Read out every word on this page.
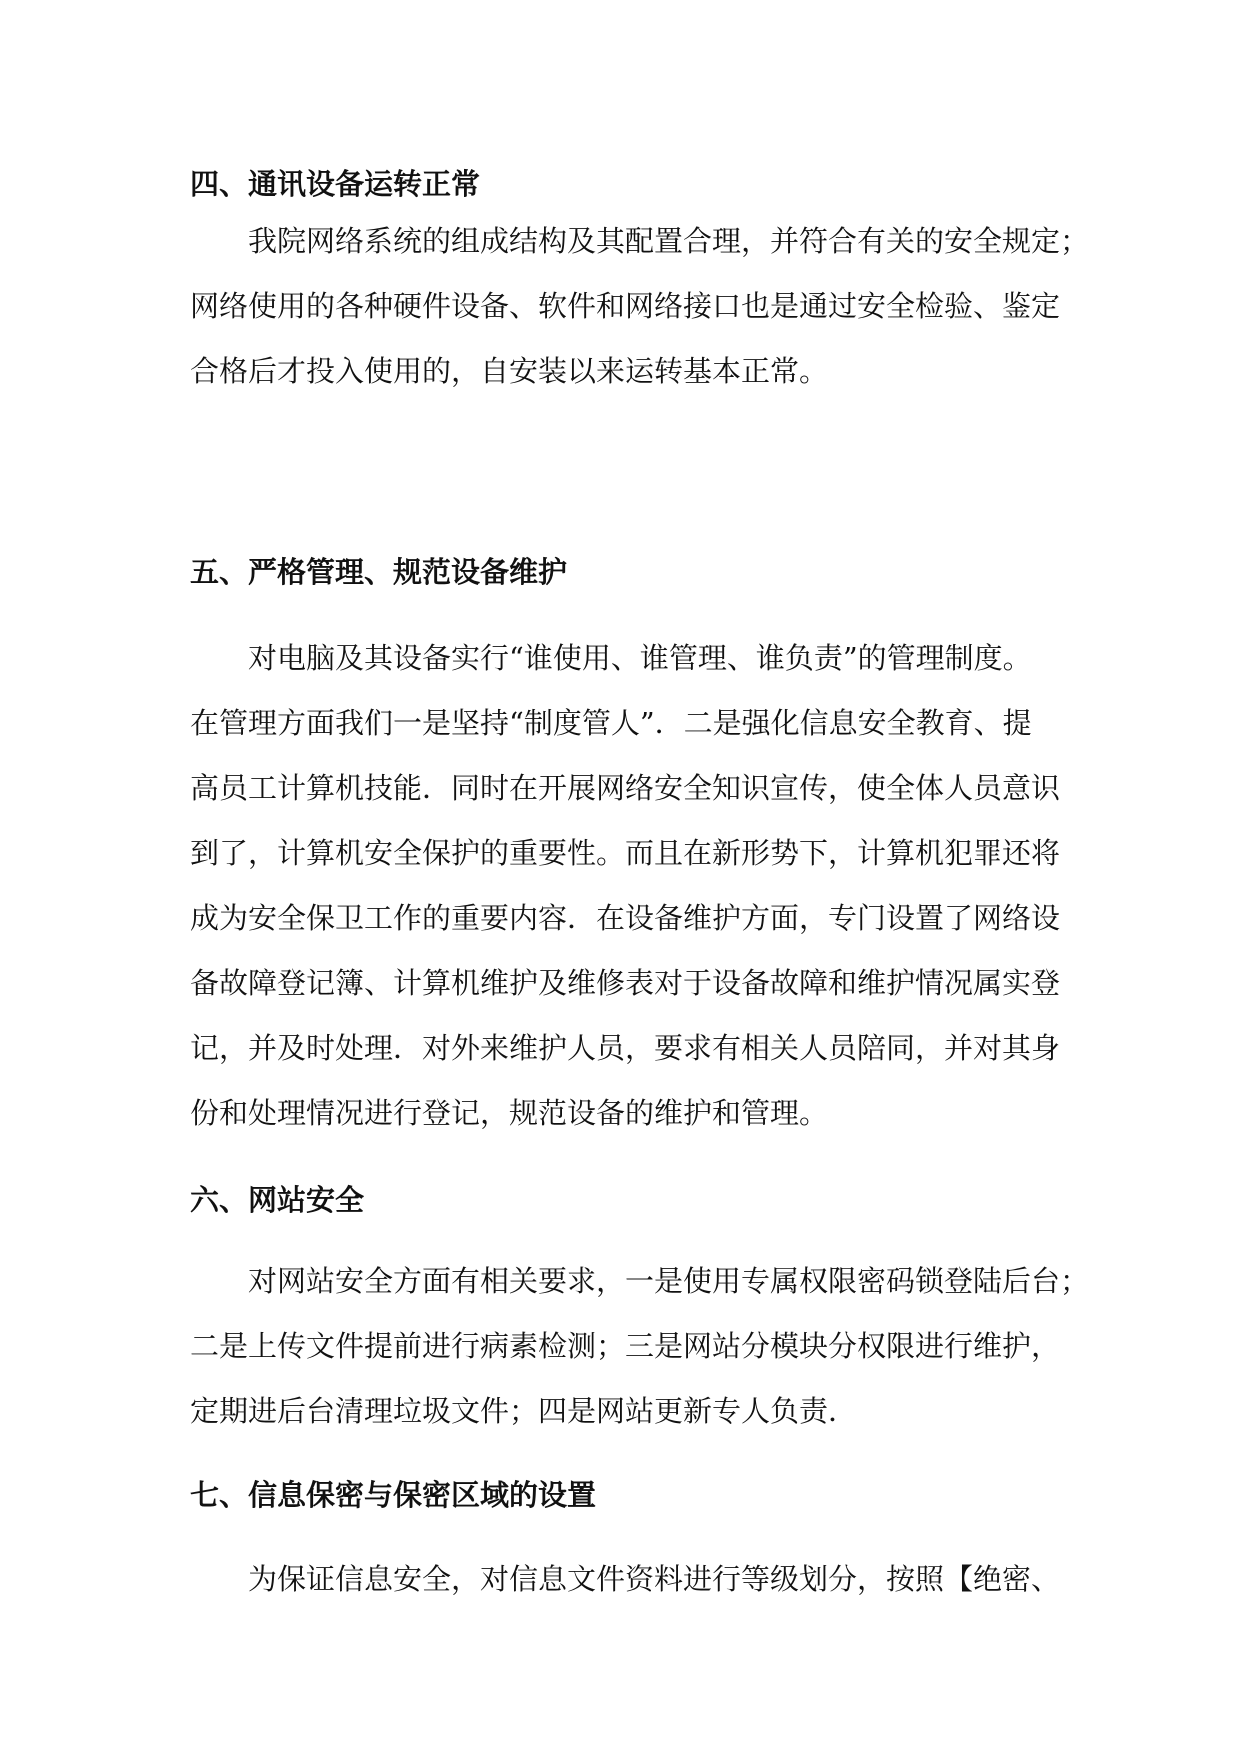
四、通讯设备运转正常

我院网络系统的组成结构及其配置合理，并符合有关的安全规定；
网络使用的各种硬件设备、软件和网络接口也是通过安全检验、鉴定
合格后才投入使用的，自安装以来运转基本正常。

五、严格管理、规范设备维护

对电脑及其设备实行“谁使用、谁管理、谁负责”的管理制度。
在管理方面我们一是坚持“制度管人”．二是强化信息安全教育、提
高员工计算机技能．同时在开展网络安全知识宣传，使全体人员意识
到了，计算机安全保护的重要性。而且在新形势下，计算机犯罪还将
成为安全保卫工作的重要内容．在设备维护方面，专门设置了网络设
备故障登记簿、计算机维护及维修表对于设备故障和维护情况属实登
记，并及时处理．对外来维护人员，要求有相关人员陪同，并对其身
份和处理情况进行登记，规范设备的维护和管理。

六、网站安全

对网站安全方面有相关要求，一是使用专属权限密码锁登陆后台；
二是上传文件提前进行病素检测；三是网站分模块分权限进行维护，
定期进后台清理垃圾文件；四是网站更新专人负责．

七、信息保密与保密区域的设置

为保证信息安全，对信息文件资料进行等级划分，按照【绝密、
